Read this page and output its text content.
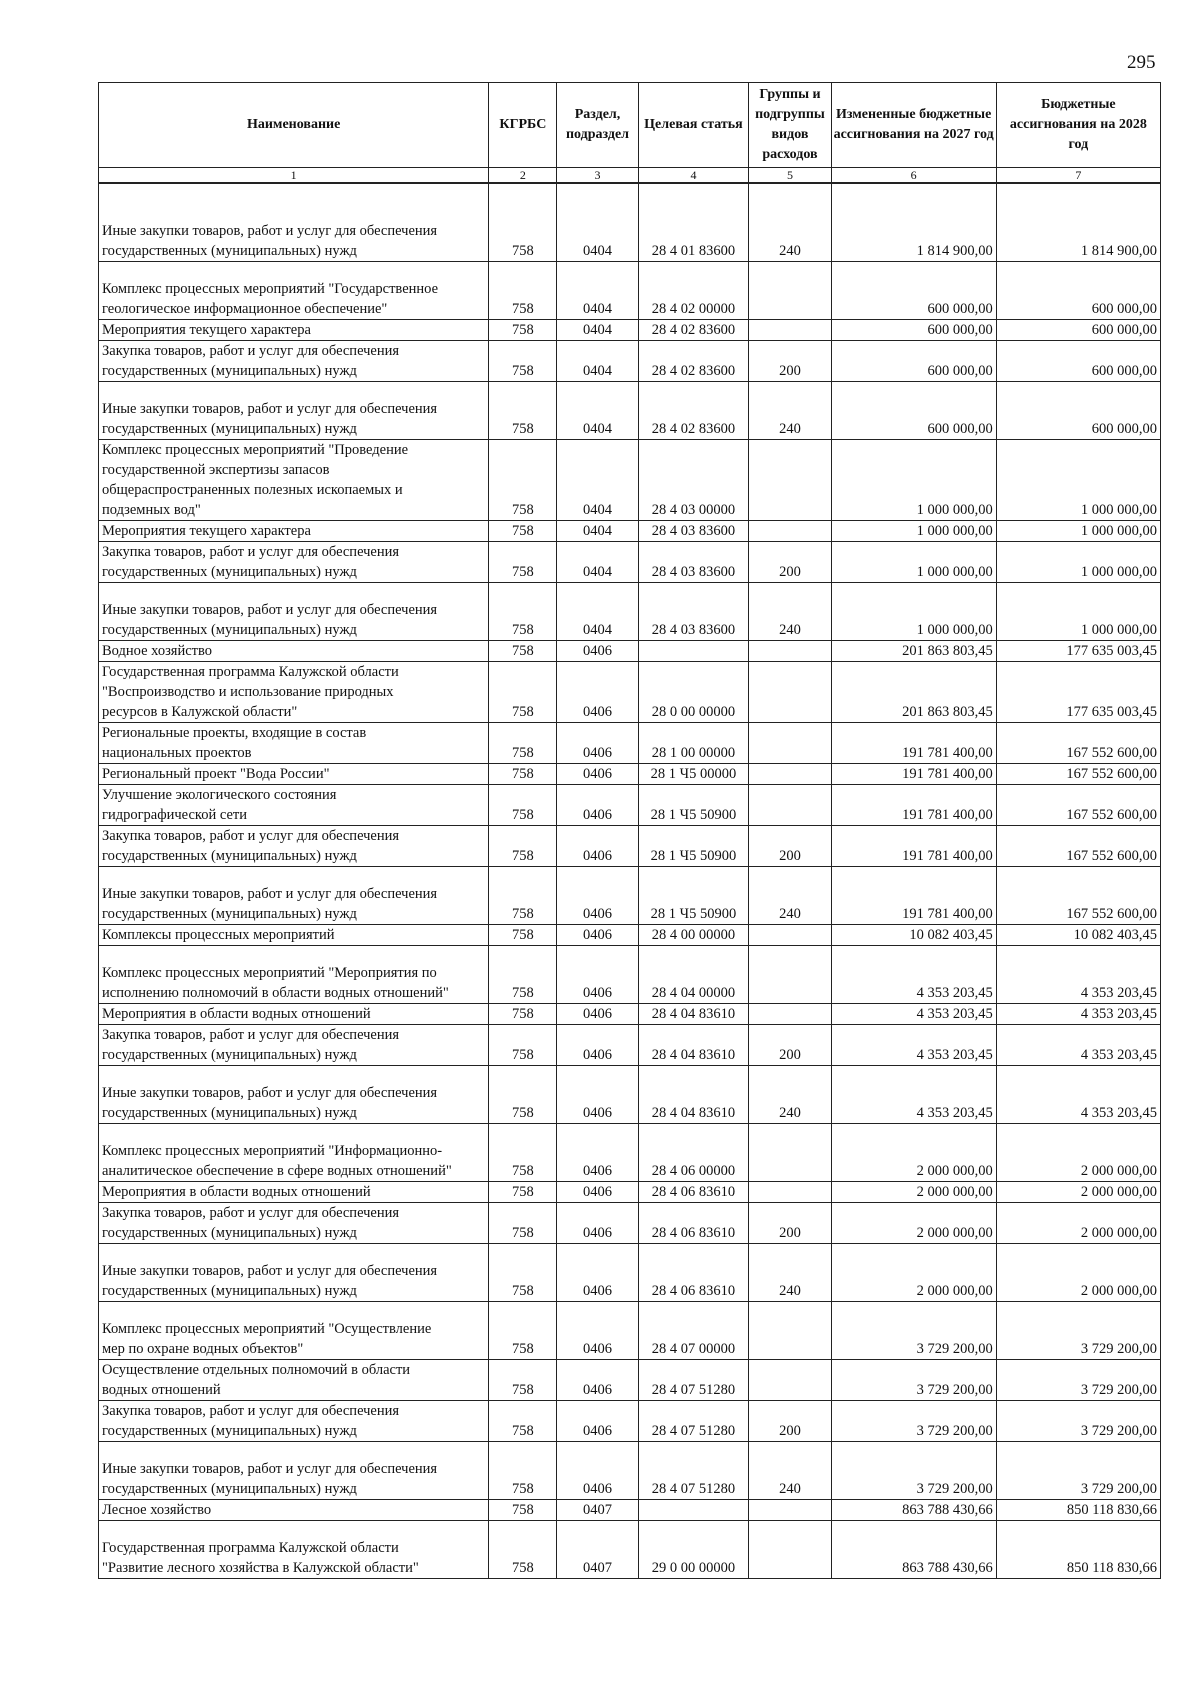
295
Наименование	КГРБС	Раздел, подраздел	Целевая статья	Группы и подгруппы видов расходов	Измененные бюджетные ассигнования на 2027 год	Бюджетные ассигнования на 2028 год
1	2	3	4	5	6	7

Иные закупки товаров, работ и услуг для обеспечения
государственных (муниципальных) нужд	758	0404	28 4 01 83600	240	1 814 900,00	1 814 900,00

Комплекс процессных мероприятий "Государственное
геологическое информационное обеспечение"	758	0404	28 4 02 00000		600 000,00	600 000,00

Мероприятия текущего характера	758	0404	28 4 02 83600		600 000,00	600 000,00

Закупка товаров, работ и услуг для обеспечения
государственных (муниципальных) нужд	758	0404	28 4 02 83600	200	600 000,00	600 000,00

Иные закупки товаров, работ и услуг для обеспечения
государственных (муниципальных) нужд	758	0404	28 4 02 83600	240	600 000,00	600 000,00

Комплекс процессных мероприятий "Проведение
государственной экспертизы запасов
общераспространенных полезных ископаемых и
подземных вод"	758	0404	28 4 03 00000		1 000 000,00	1 000 000,00

Мероприятия текущего характера	758	0404	28 4 03 83600		1 000 000,00	1 000 000,00

Закупка товаров, работ и услуг для обеспечения
государственных (муниципальных) нужд	758	0404	28 4 03 83600	200	1 000 000,00	1 000 000,00

Иные закупки товаров, работ и услуг для обеспечения
государственных (муниципальных) нужд	758	0404	28 4 03 83600	240	1 000 000,00	1 000 000,00

Водное хозяйство	758	0406			201 863 803,45	177 635 003,45

Государственная программа Калужской области
"Воспроизводство и использование природных
ресурсов в Калужской области"	758	0406	28 0 00 00000		201 863 803,45	177 635 003,45

Региональные проекты, входящие в состав
национальных проектов	758	0406	28 1 00 00000		191 781 400,00	167 552 600,00

Региональный проект "Вода России"	758	0406	28 1 Ч5 00000		191 781 400,00	167 552 600,00

Улучшение экологического состояния
гидрографической сети	758	0406	28 1 Ч5 50900		191 781 400,00	167 552 600,00

Закупка товаров, работ и услуг для обеспечения
государственных (муниципальных) нужд	758	0406	28 1 Ч5 50900	200	191 781 400,00	167 552 600,00

Иные закупки товаров, работ и услуг для обеспечения
государственных (муниципальных) нужд	758	0406	28 1 Ч5 50900	240	191 781 400,00	167 552 600,00

Комплексы процессных мероприятий	758	0406	28 4 00 00000		10 082 403,45	10 082 403,45

Комплекс процессных мероприятий "Мероприятия по
исполнению полномочий в области водных отношений"	758	0406	28 4 04 00000		4 353 203,45	4 353 203,45

Мероприятия в области водных отношений	758	0406	28 4 04 83610		4 353 203,45	4 353 203,45

Закупка товаров, работ и услуг для обеспечения
государственных (муниципальных) нужд	758	0406	28 4 04 83610	200	4 353 203,45	4 353 203,45

Иные закупки товаров, работ и услуг для обеспечения
государственных (муниципальных) нужд	758	0406	28 4 04 83610	240	4 353 203,45	4 353 203,45

Комплекс процессных мероприятий "Информационно-
аналитическое обеспечение в сфере водных отношений"	758	0406	28 4 06 00000		2 000 000,00	2 000 000,00

Мероприятия в области водных отношений	758	0406	28 4 06 83610		2 000 000,00	2 000 000,00

Закупка товаров, работ и услуг для обеспечения
государственных (муниципальных) нужд	758	0406	28 4 06 83610	200	2 000 000,00	2 000 000,00

Иные закупки товаров, работ и услуг для обеспечения
государственных (муниципальных) нужд	758	0406	28 4 06 83610	240	2 000 000,00	2 000 000,00

Комплекс процессных мероприятий "Осуществление
мер по охране водных объектов"	758	0406	28 4 07 00000		3 729 200,00	3 729 200,00

Осуществление отдельных полномочий в области
водных отношений	758	0406	28 4 07 51280		3 729 200,00	3 729 200,00

Закупка товаров, работ и услуг для обеспечения
государственных (муниципальных) нужд	758	0406	28 4 07 51280	200	3 729 200,00	3 729 200,00

Иные закупки товаров, работ и услуг для обеспечения
государственных (муниципальных) нужд	758	0406	28 4 07 51280	240	3 729 200,00	3 729 200,00

Лесное хозяйство	758	0407			863 788 430,66	850 118 830,66

Государственная программа Калужской области
"Развитие лесного хозяйства в Калужской области"	758	0407	29 0 00 00000		863 788 430,66	850 118 830,66
